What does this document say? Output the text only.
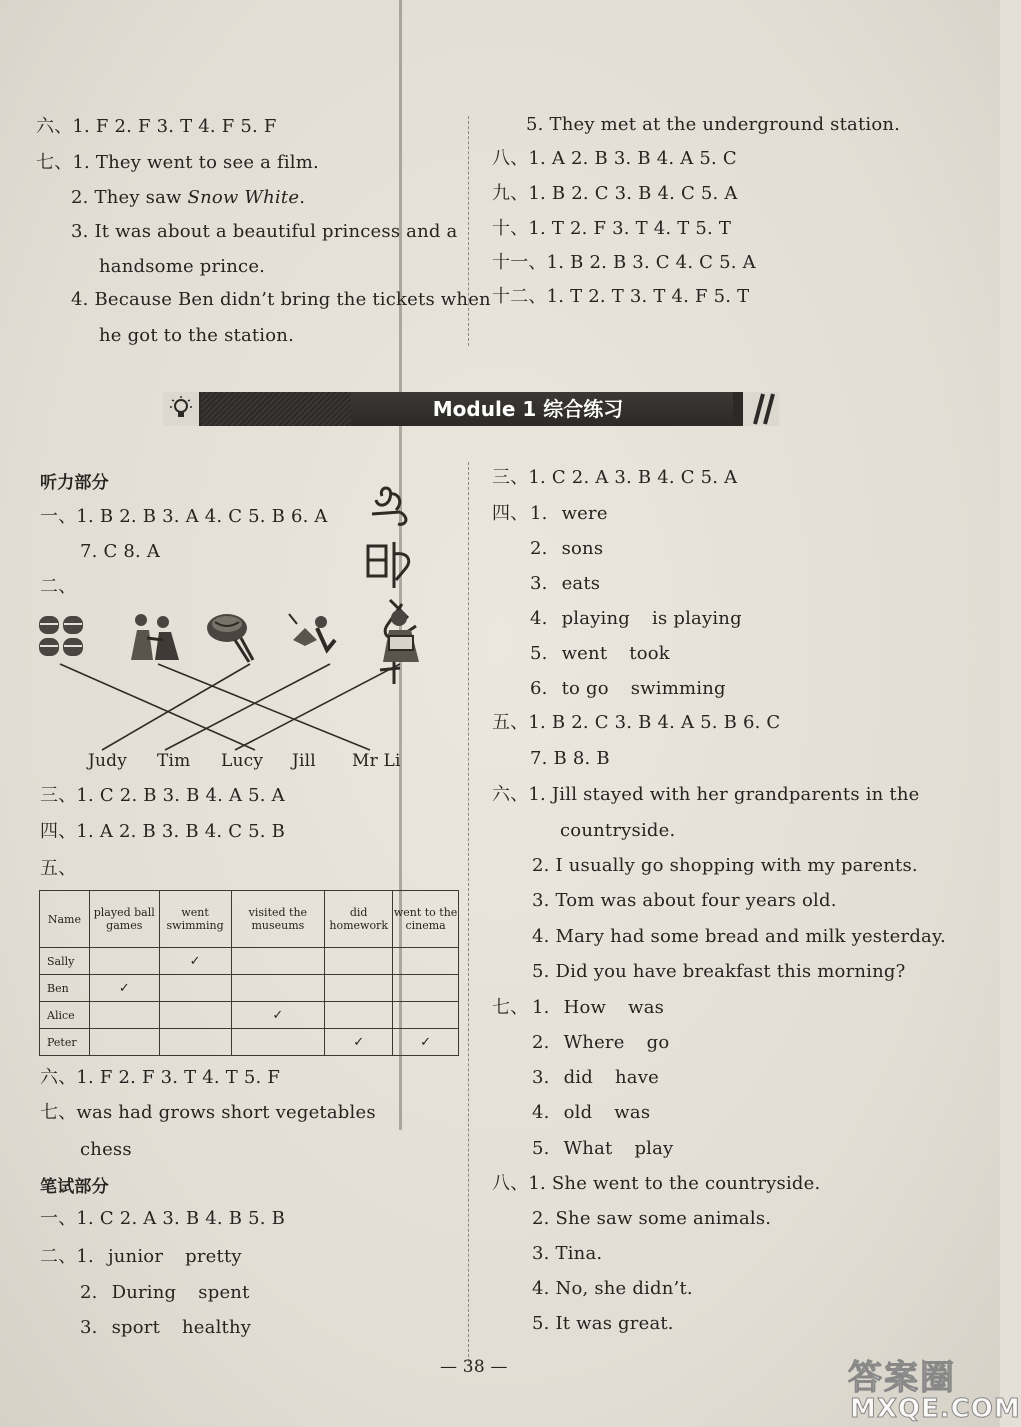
六、1. F 2. F 3. T 4. F 5. F
七、1. They went to see a film.
2. They saw Snow White.
3. It was about a beautiful princess and a
handsome prince.
4. Because Ben didn’t bring the tickets when
he got to the station.
5. They met at the underground station.
八、1. A 2. B 3. B 4. A 5. C
九、1. B 2. C 3. B 4. C 5. A
十、1. T 2. F 3. T 4. T 5. T
十一、1. B 2. B 3. C 4. C 5. A
十二、1. T 2. T 3. T 4. F 5. T
Module 1 综合练习
听力部分
一、1. B 2. B 3. A 4. C 5. B 6. A
7. C 8. A
二、
Judy Tim Lucy Jill Mr Li
三、1. C 2. B 3. B 4. A 5. A
四、1. A 2. B 3. B 4. C 5. B
五、
Name	played ball games	went swimming	visited the museums	did homework	went to the cinema
Sally		✓			
Ben	✓				
Alice			✓		
Peter				✓	✓
六、1. F 2. F 3. T 4. T 5. F
七、was had grows short vegetables
chess
笔试部分
一、1. C 2. A 3. B 4. B 5. B
二、1. junior pretty
2. During spent
3. sport healthy
三、1. C 2. A 3. B 4. C 5. A
四、 1. were
2. sons
3. eats
4. playing is playing
5. went took
6. to go swimming
五、1. B 2. C 3. B 4. A 5. B 6. C
7. B 8. B
六、1. Jill stayed with her grandparents in the
countryside.
2. I usually go shopping with my parents.
3. Tom was about four years old.
4. Mary had some bread and milk yesterday.
5. Did you have breakfast this morning?
七、 1. How was
2. Where go
3. did have
4. old was
5. What play
八、1. She went to the countryside.
2. She saw some animals.
3. Tina.
4. No, she didn’t.
5. It was great.
— 38 —	答案圈
MXQE.COM
